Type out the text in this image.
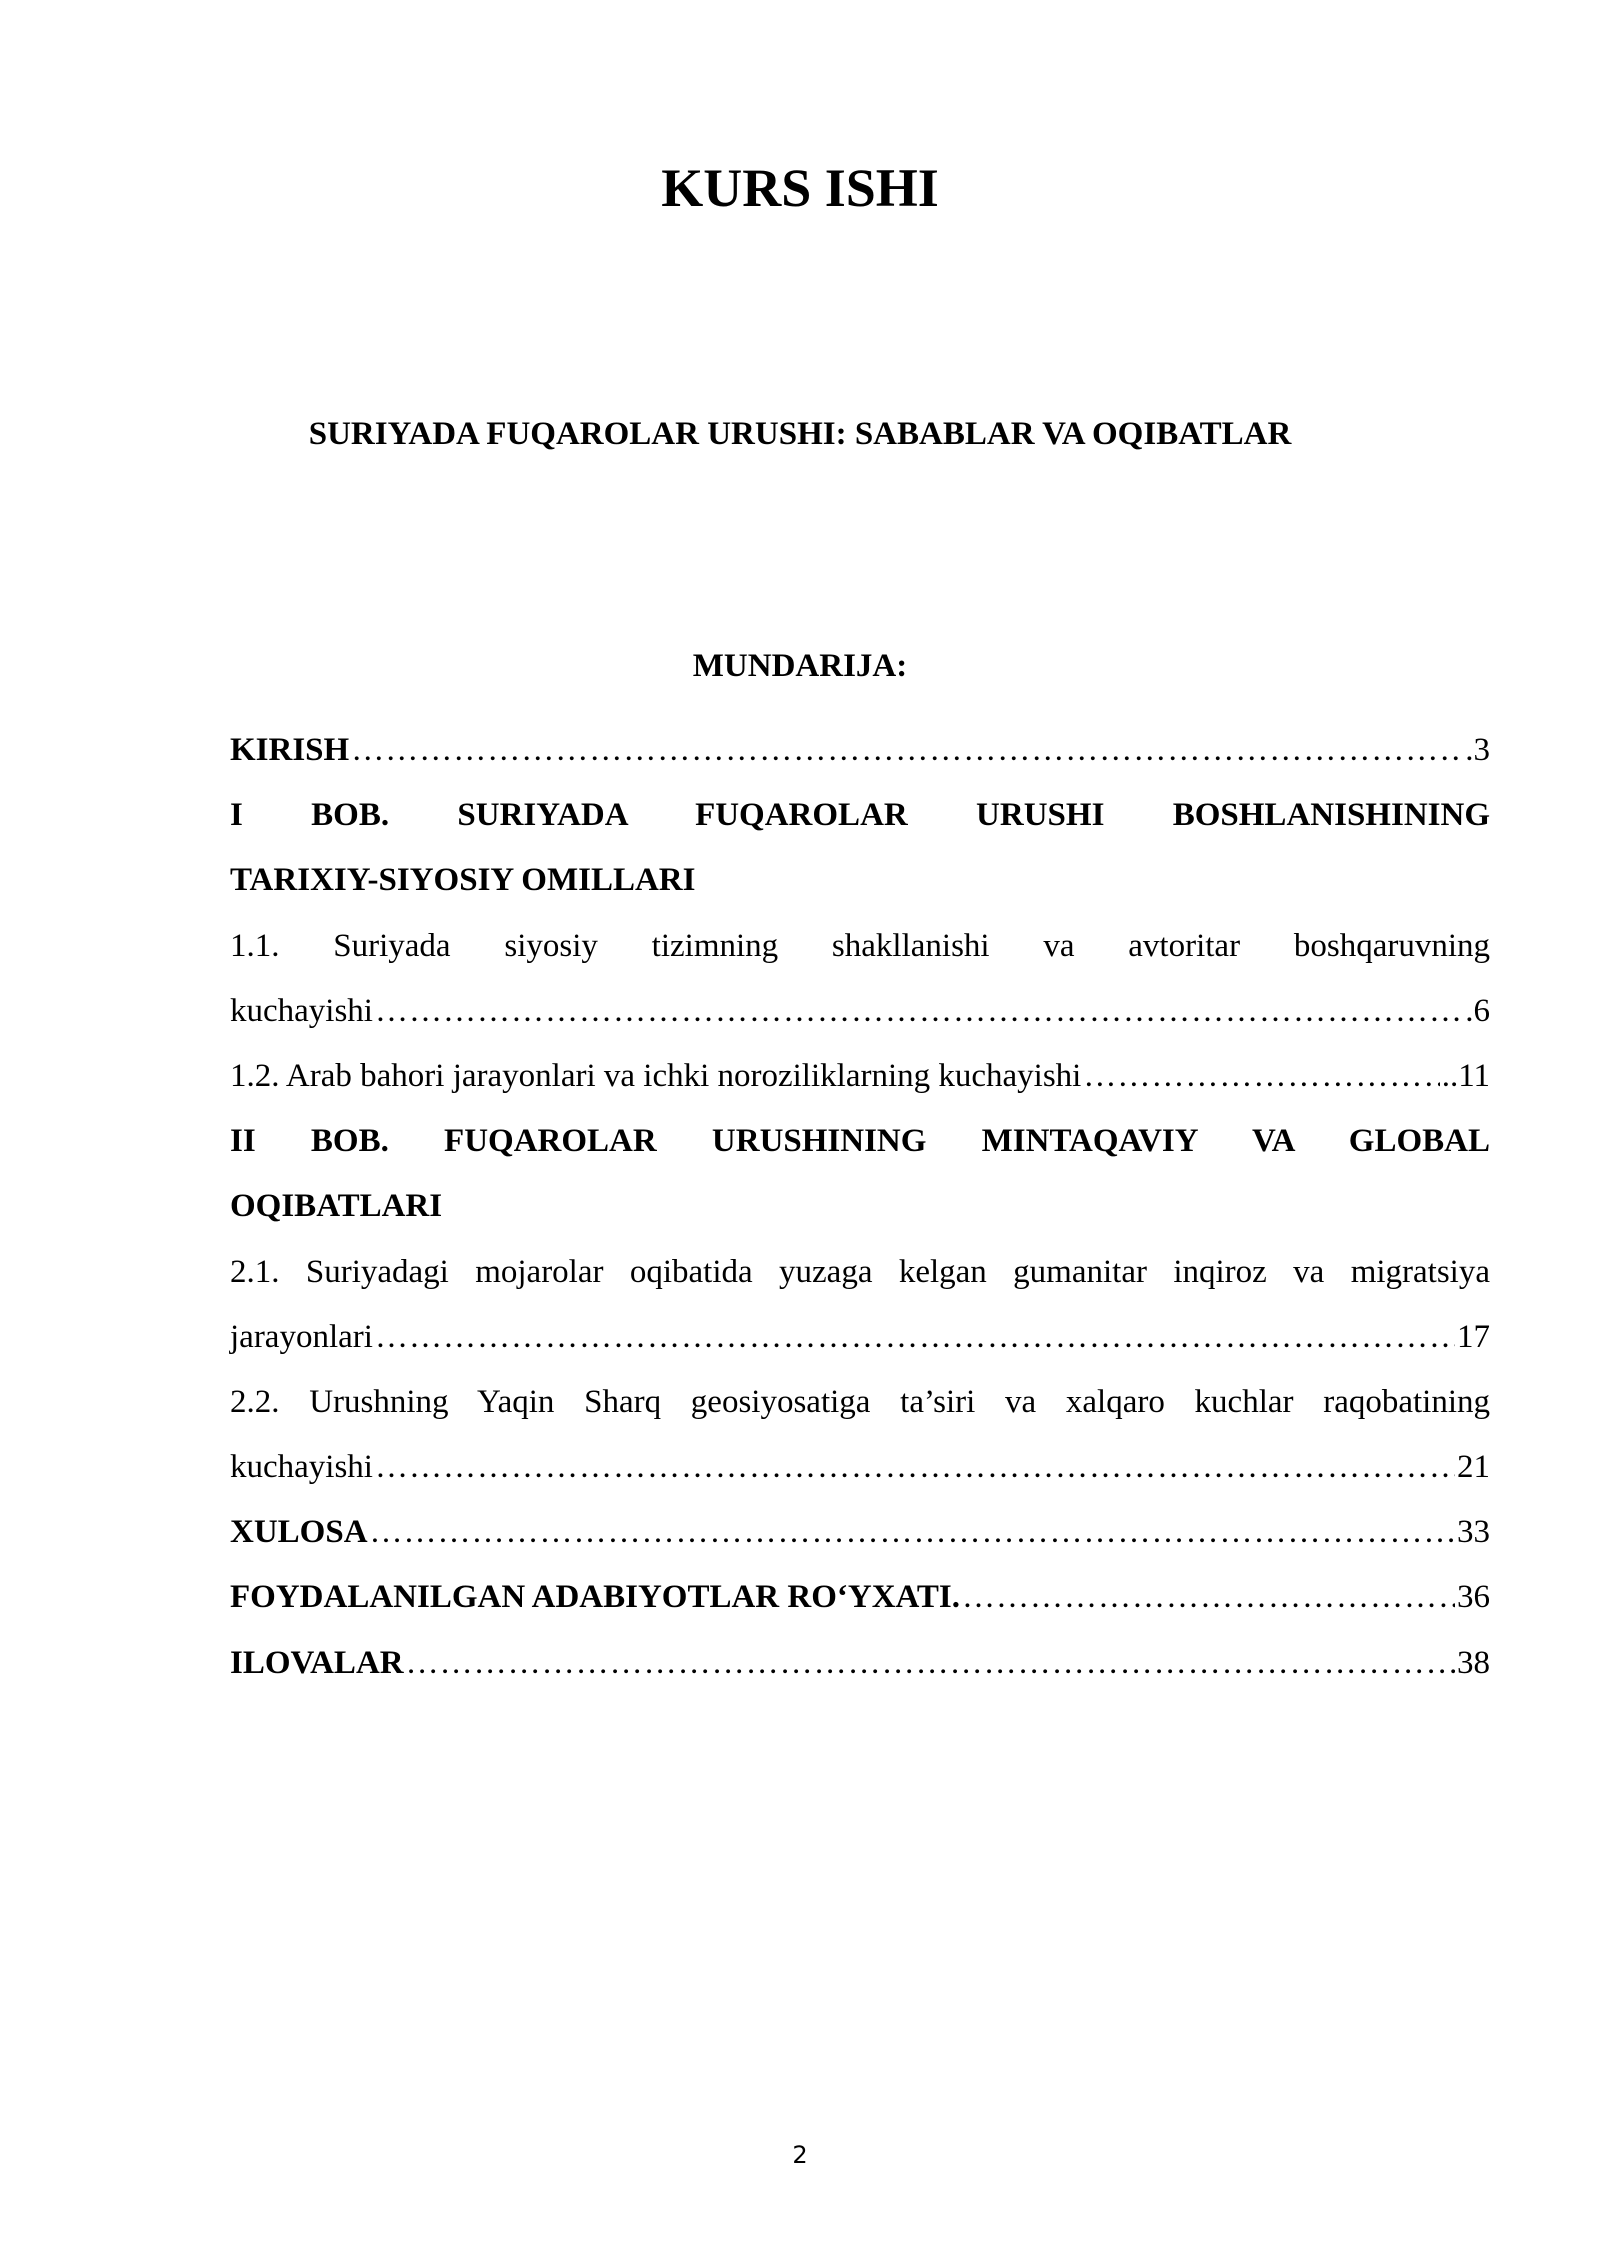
KURS ISHI
SURIYADA FUQAROLAR URUSHI: SABABLAR VA OQIBATLAR
MUNDARIJA:
KIRISH …………………………………………………………………………………………………………………………………………………………………………………………………………	.3
I BOB. SURIYADA FUQAROLAR URUSHI BOSHLANISHINING
TARIXIY-SIYOSIY OMILLARI
1.1. Suriyada siyosiy tizimning shakllanishi va avtoritar boshqaruvning
kuchayishi …………………………………………………………………………………………………………………………………………………………………………………………………………	.6
1.2. Arab bahori jarayonlari va ichki noroziliklarning kuchayishi …………………………………………………………………………………………………………………………………………………………………………………………………………	..11
II BOB. FUQAROLAR URUSHINING MINTAQAVIY VA GLOBAL
OQIBATLARI
2.1. Suriyadagi mojarolar oqibatida yuzaga kelgan gumanitar inqiroz va migratsiya
jarayonlari …………………………………………………………………………………………………………………………………………………………………………………………………………	17
2.2. Urushning Yaqin Sharq geosiyosatiga ta’siri va xalqaro kuchlar raqobatining
kuchayishi …………………………………………………………………………………………………………………………………………………………………………………………………………	21
XULOSA …………………………………………………………………………………………………………………………………………………………………………………………………………	33
FOYDALANILGAN ADABIYOTLAR RO‘YXATI. …………………………………………………………………………………………………………………………………………………………………………………………………………	36
ILOVALAR …………………………………………………………………………………………………………………………………………………………………………………………………………	38
2
